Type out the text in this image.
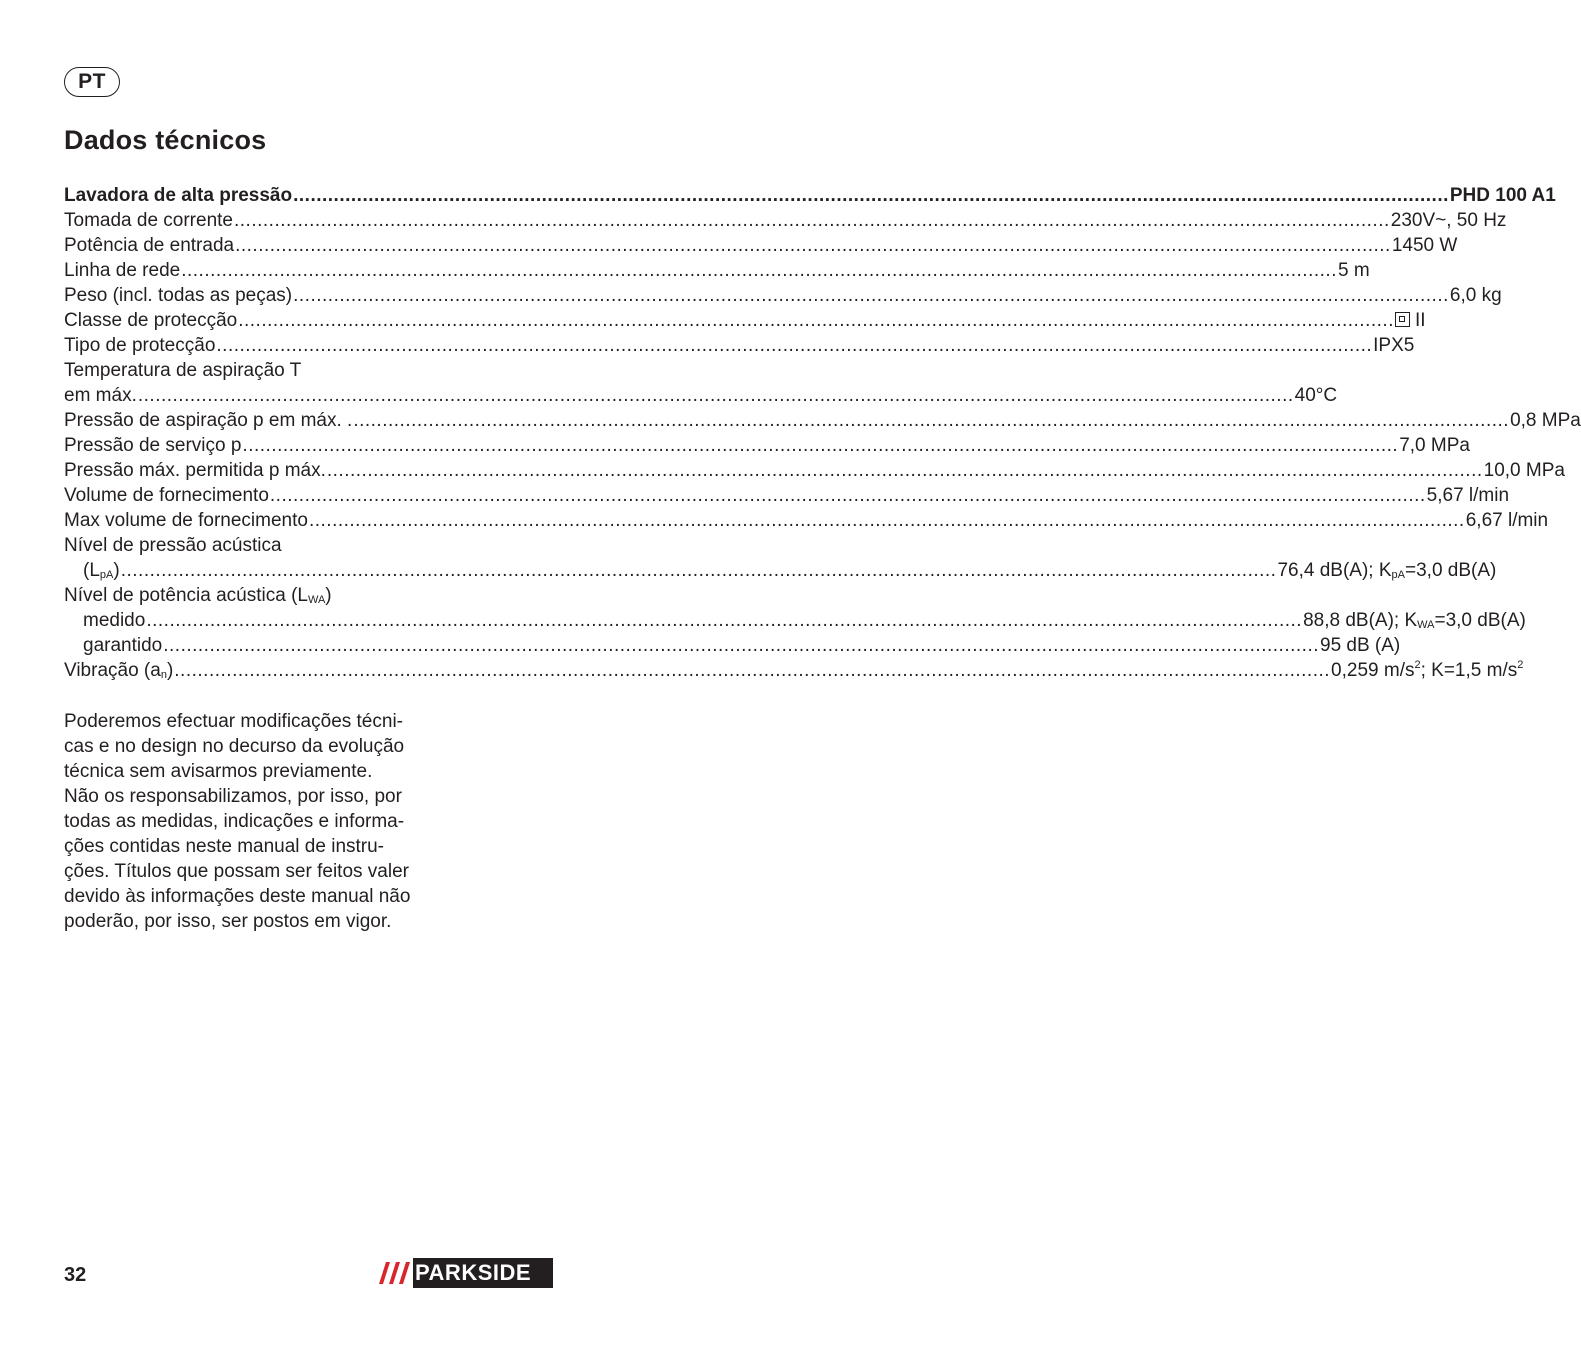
PT
Dados técnicos
Lavadora de alta pressão ........................................................................................................................................................................................................ PHD 100 A1
Tomada de corrente ........................................................................................................................................................................................................ 230V~, 50 Hz
Potência de entrada ........................................................................................................................................................................................................ 1450 W
Linha de rede ........................................................................................................................................................................................................ 5 m
Peso (incl. todas as peças) ........................................................................................................................................................................................................ 6,0 kg
Classe de protecção ........................................................................................................................................................................................................	II
Tipo de protecção ........................................................................................................................................................................................................ IPX5
Temperatura de aspiração T
em máx. ........................................................................................................................................................................................................ 40°C
Pressão de aspiração p em máx. . ........................................................................................................................................................................................................ 0,8 MPa
Pressão de serviço p ........................................................................................................................................................................................................ 7,0 MPa
Pressão máx. permitida p máx. ........................................................................................................................................................................................................ 10,0 MPa
Volume de fornecimento ........................................................................................................................................................................................................ 5,67 l/min
Max volume de fornecimento ........................................................................................................................................................................................................ 6,67 l/min
Nível de pressão acústica
$(L_{pA})$ ........................................................................................................................................................................................................ 76,4 dB(A); $K_{pA}=3,0$ dB(A)
Nível de potência acústica $(L_{WA})$
medido ........................................................................................................................................................................................................ 88,8 dB(A); $K_{WA}=3,0$ dB(A)
garantido ........................................................................................................................................................................................................ 95 dB (A)
Vibração $(a_n)$ ........................................................................................................................................................................................................ 0,259 $m/s^2$; K=1,5 $m/s^2$
Poderemos efectuar modificações técni-
cas e no design no decurso da evolução
técnica sem avisarmos previamente.
Não os responsabilizamos, por isso, por
todas as medidas, indicações e informa-
ções contidas neste manual de instru-
ções. Títulos que possam ser feitos valer
devido às informações deste manual não
poderão, por isso, ser postos em vigor.
32	PARKSIDE
